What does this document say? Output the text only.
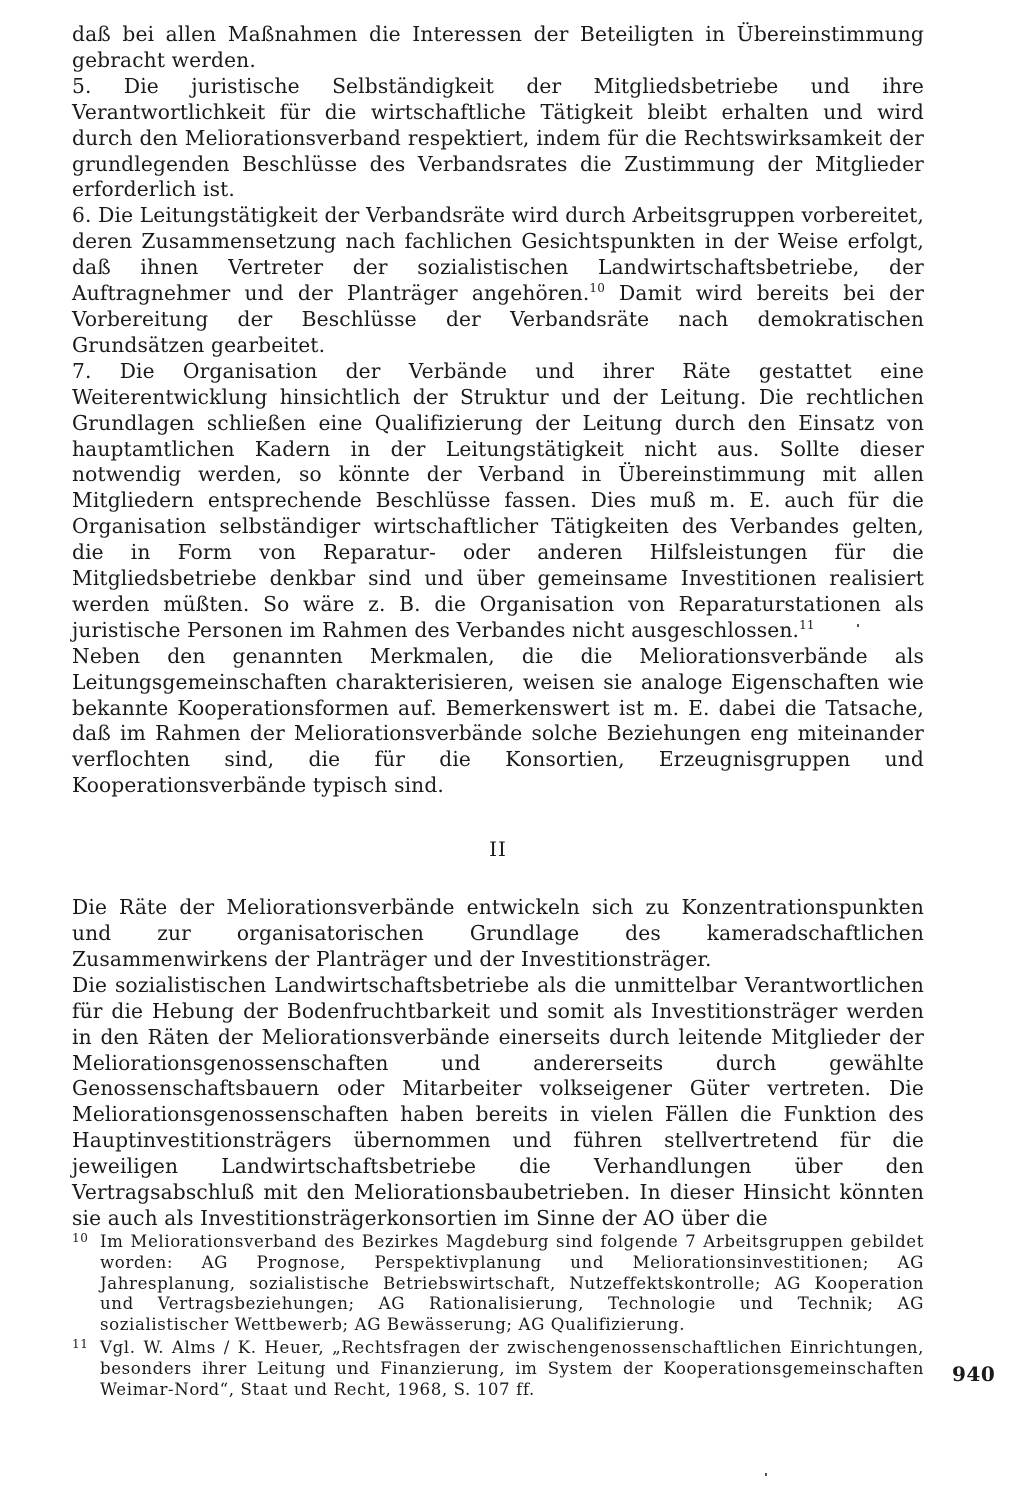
daß bei allen Maßnahmen die Interessen der Beteiligten in Übereinstimmung gebracht werden.

5. Die juristische Selbständigkeit der Mitgliedsbetriebe und ihre Verantwortlichkeit für die wirtschaftliche Tätigkeit bleibt erhalten und wird durch den Meliorationsverband respektiert, indem für die Rechtswirksamkeit der grundlegenden Beschlüsse des Verbandsrates die Zustimmung der Mitglieder erforderlich ist.

6. Die Leitungstätigkeit der Verbandsräte wird durch Arbeitsgruppen vorbereitet, deren Zusammensetzung nach fachlichen Gesichtspunkten in der Weise erfolgt, daß ihnen Vertreter der sozialistischen Landwirtschaftsbetriebe, der Auftragnehmer und der Planträger angehören.$^{10}$ Damit wird bereits bei der Vorbereitung der Beschlüsse der Verbandsräte nach demokratischen Grundsätzen gearbeitet.

7. Die Organisation der Verbände und ihrer Räte gestattet eine Weiterentwicklung hinsichtlich der Struktur und der Leitung. Die rechtlichen Grundlagen schließen eine Qualifizierung der Leitung durch den Einsatz von hauptamtlichen Kadern in der Leitungstätigkeit nicht aus. Sollte dieser notwendig werden, so könnte der Verband in Übereinstimmung mit allen Mitgliedern entsprechende Beschlüsse fassen. Dies muß m. E. auch für die Organisation selbständiger wirtschaftlicher Tätigkeiten des Verbandes gelten, die in Form von Reparatur- oder anderen Hilfsleistungen für die Mitgliedsbetriebe denkbar sind und über gemeinsame Investitionen realisiert werden müßten. So wäre z. B. die Organisation von Reparaturstationen als juristische Personen im Rahmen des Verbandes nicht ausgeschlossen.$^{11}$

Neben den genannten Merkmalen, die die Meliorationsverbände als Leitungsgemeinschaften charakterisieren, weisen sie analoge Eigenschaften wie bekannte Kooperationsformen auf. Bemerkenswert ist m. E. dabei die Tatsache, daß im Rahmen der Meliorationsverbände solche Beziehungen eng miteinander verflochten sind, die für die Konsortien, Erzeugnisgruppen und Kooperationsverbände typisch sind.

II

Die Räte der Meliorationsverbände entwickeln sich zu Konzentrationspunkten und zur organisatorischen Grundlage des kameradschaftlichen Zusammenwirkens der Planträger und der Investitionsträger.

Die sozialistischen Landwirtschaftsbetriebe als die unmittelbar Verantwortlichen für die Hebung der Bodenfruchtbarkeit und somit als Investitionsträger werden in den Räten der Meliorationsverbände einerseits durch leitende Mitglieder der Meliorationsgenossenschaften und andererseits durch gewählte Genossenschaftsbauern oder Mitarbeiter volkseigener Güter vertreten. Die Meliorationsgenossenschaften haben bereits in vielen Fällen die Funktion des Hauptinvestitionsträgers übernommen und führen stellvertretend für die jeweiligen Landwirtschaftsbetriebe die Verhandlungen über den Vertragsabschluß mit den Meliorationsbaubetrieben. In dieser Hinsicht könnten sie auch als Investitionsträgerkonsortien im Sinne der AO über die

10 Im Meliorationsverband des Bezirkes Magdeburg sind folgende 7 Arbeitsgruppen gebildet worden: AG Prognose, Perspektivplanung und Meliorationsinvestitionen; AG Jahresplanung, sozialistische Betriebswirtschaft, Nutzeffektskontrolle; AG Kooperation und Vertragsbeziehungen; AG Rationalisierung, Technologie und Technik; AG sozialistischer Wettbewerb; AG Bewässerung; AG Qualifizierung.
11 Vgl. W. Alms / K. Heuer, „Rechtsfragen der zwischengenossenschaftlichen Einrichtungen, besonders ihrer Leitung und Finanzierung, im System der Kooperationsgemeinschaften Weimar-Nord“, Staat und Recht, 1968, S. 107 ff.
940
